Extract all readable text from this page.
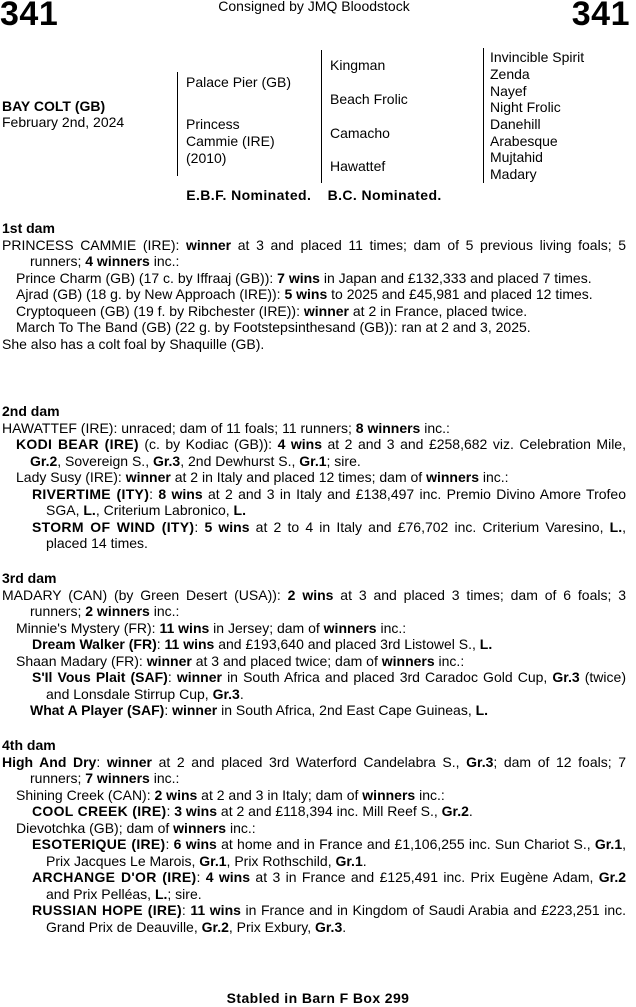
341	Consigned by JMQ Bloodstock	341
BAY COLT (GB)
February 2nd, 2024
Palace Pier (GB)
Princess
Cammie (IRE)
(2010)
Kingman
Beach Frolic
Camacho
Hawattef
Invincible Spirit
Zenda
Nayef
Night Frolic
Danehill
Arabesque
Mujtahid
Madary
E.B.F. Nominated. B.C. Nominated.
1st dam
PRINCESS CAMMIE (IRE): winner at 3 and placed 11 times; dam of 5 previous living foals; 5 runners; 4 winners inc.:
Prince Charm (GB) (17 c. by Iffraaj (GB)): 7 wins in Japan and £132,333 and placed 7 times.
Ajrad (GB) (18 g. by New Approach (IRE)): 5 wins to 2025 and £45,981 and placed 12 times.
Cryptoqueen (GB) (19 f. by Ribchester (IRE)): winner at 2 in France, placed twice.
March To The Band (GB) (22 g. by Footstepsinthesand (GB)): ran at 2 and 3, 2025.
She also has a colt foal by Shaquille (GB).
2nd dam
HAWATTEF (IRE): unraced; dam of 11 foals; 11 runners; 8 winners inc.:
KODI BEAR (IRE) (c. by Kodiac (GB)): 4 wins at 2 and 3 and £258,682 viz. Celebration Mile, Gr.2, Sovereign S., Gr.3, 2nd Dewhurst S., Gr.1; sire.
Lady Susy (IRE): winner at 2 in Italy and placed 12 times; dam of winners inc.:
RIVERTIME (ITY): 8 wins at 2 and 3 in Italy and £138,497 inc. Premio Divino Amore Trofeo SGA, L., Criterium Labronico, L.
STORM OF WIND (ITY): 5 wins at 2 to 4 in Italy and £76,702 inc. Criterium Varesino, L., placed 14 times.
3rd dam
MADARY (CAN) (by Green Desert (USA)): 2 wins at 3 and placed 3 times; dam of 6 foals; 3 runners; 2 winners inc.:
Minnie's Mystery (FR): 11 wins in Jersey; dam of winners inc.:
Dream Walker (FR): 11 wins and £193,640 and placed 3rd Listowel S., L.
Shaan Madary (FR): winner at 3 and placed twice; dam of winners inc.:
S'Il Vous Plait (SAF): winner in South Africa and placed 3rd Caradoc Gold Cup, Gr.3 (twice) and Lonsdale Stirrup Cup, Gr.3.
What A Player (SAF): winner in South Africa, 2nd East Cape Guineas, L.
4th dam
High And Dry: winner at 2 and placed 3rd Waterford Candelabra S., Gr.3; dam of 12 foals; 7 runners; 7 winners inc.:
Shining Creek (CAN): 2 wins at 2 and 3 in Italy; dam of winners inc.:
COOL CREEK (IRE): 3 wins at 2 and £118,394 inc. Mill Reef S., Gr.2.
Dievotchka (GB); dam of winners inc.:
ESOTERIQUE (IRE): 6 wins at home and in France and £1,106,255 inc. Sun Chariot S., Gr.1, Prix Jacques Le Marois, Gr.1, Prix Rothschild, Gr.1.
ARCHANGE D'OR (IRE): 4 wins at 3 in France and £125,491 inc. Prix Eugène Adam, Gr.2 and Prix Pelléas, L.; sire.
RUSSIAN HOPE (IRE): 11 wins in France and in Kingdom of Saudi Arabia and £223,251 inc. Grand Prix de Deauville, Gr.2, Prix Exbury, Gr.3.
Stabled in Barn F Box 299
